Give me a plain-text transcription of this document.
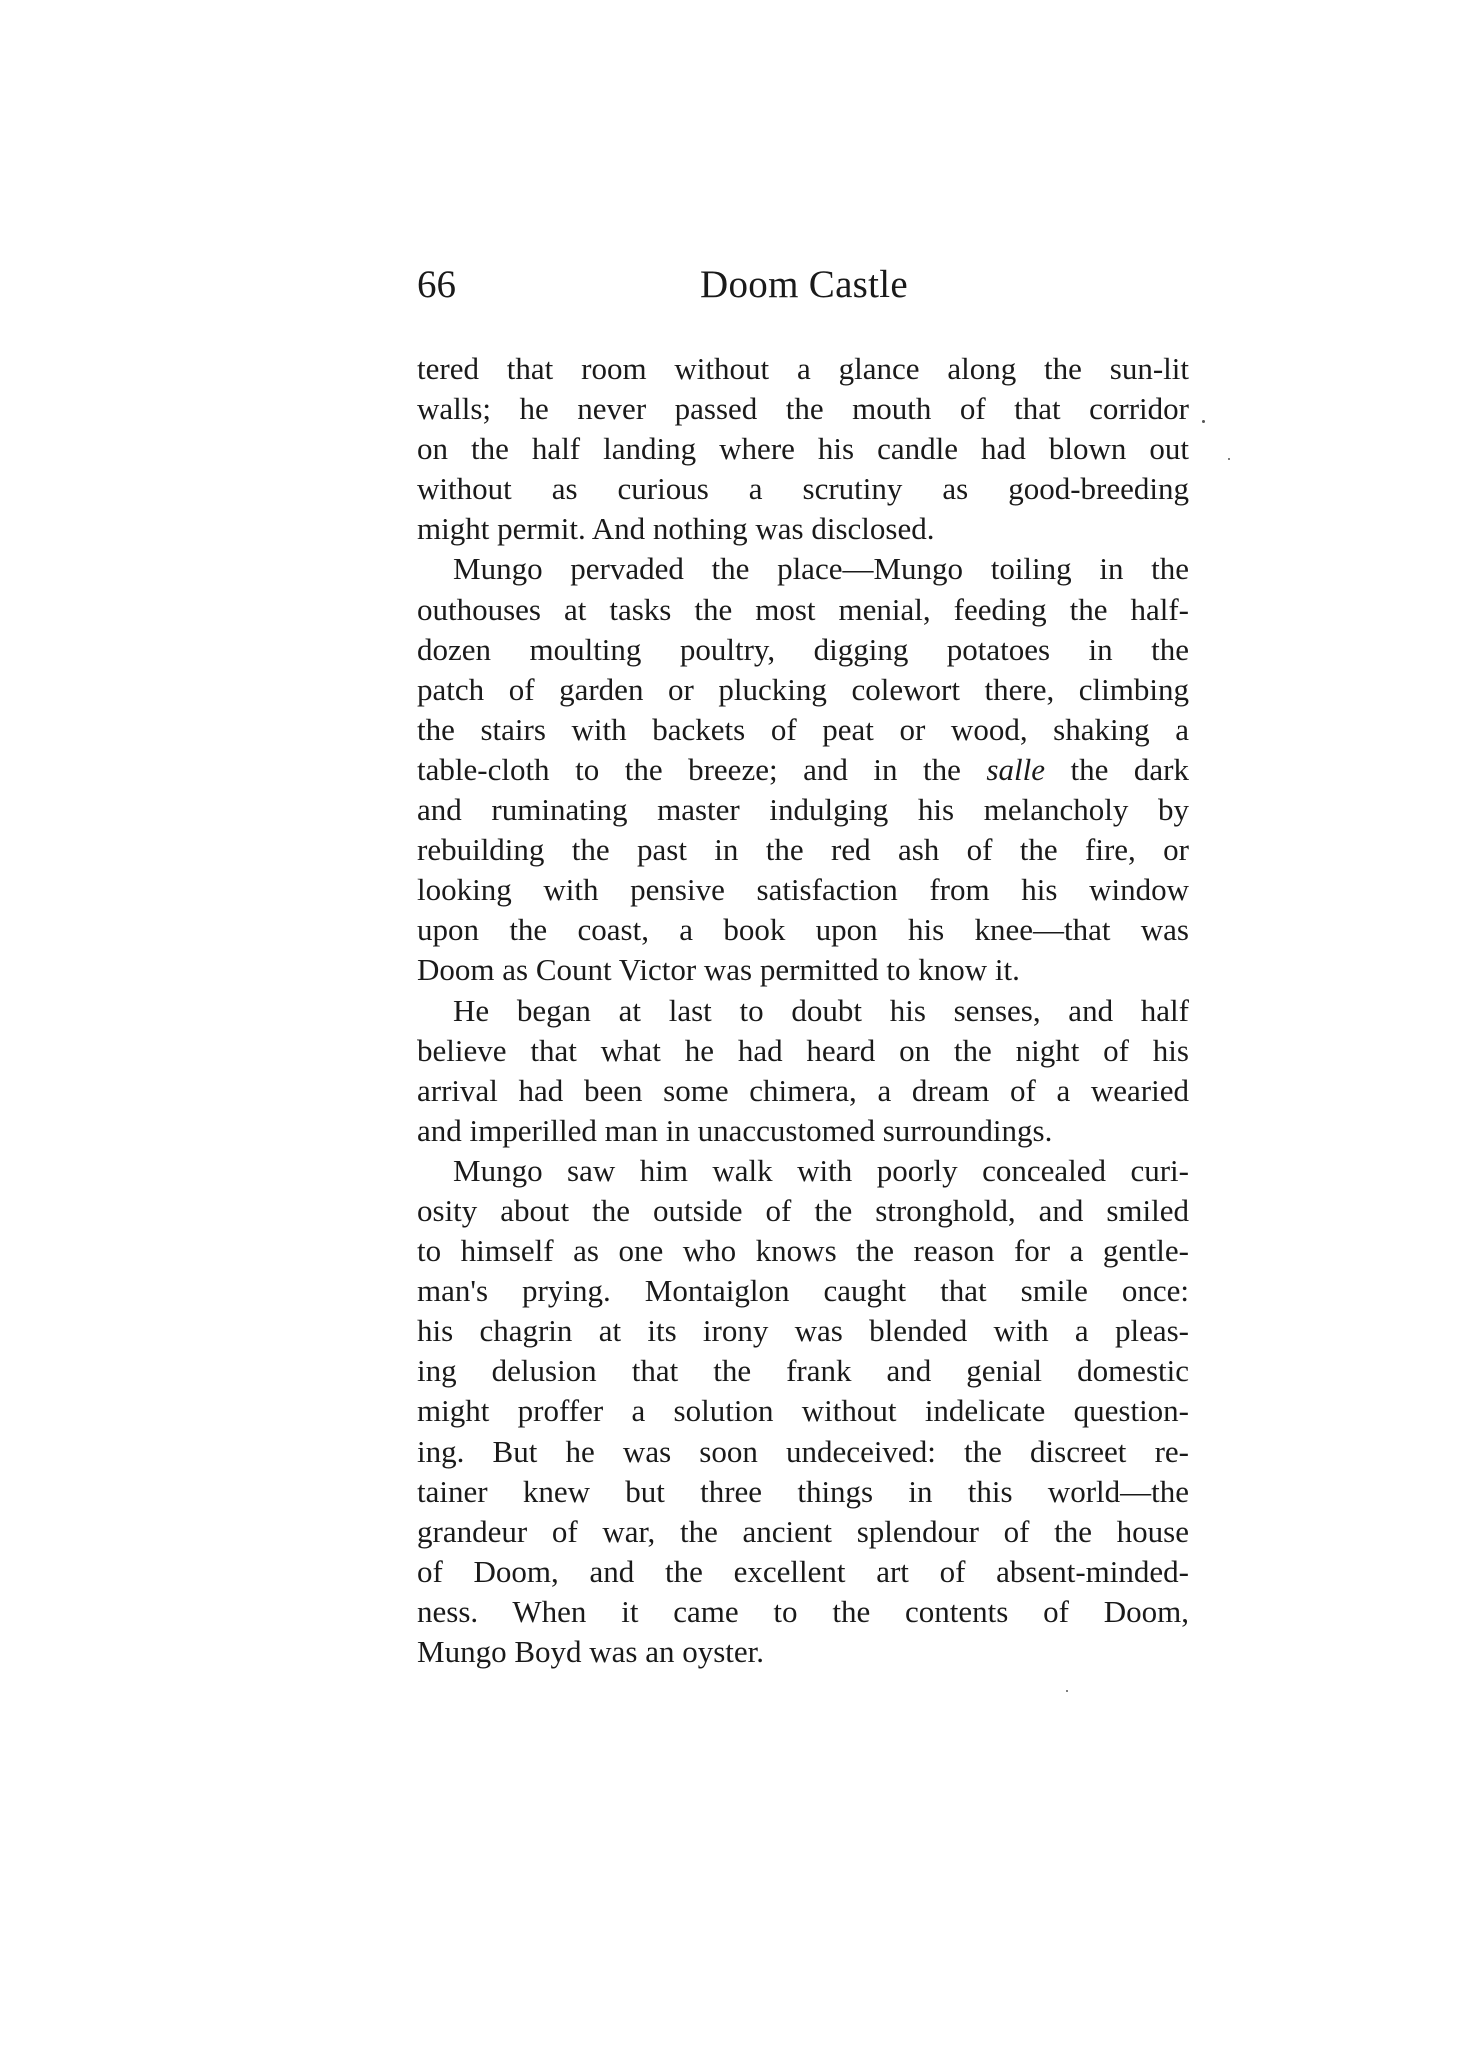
66	Doom Castle
tered that room without a glance along the sun-lit
walls; he never passed the mouth of that corridor
on the half landing where his candle had blown out
without as curious a scrutiny as good-breeding
might permit. And nothing was disclosed.
Mungo pervaded the place—Mungo toiling in the
outhouses at tasks the most menial, feeding the half-
dozen moulting poultry, digging potatoes in the
patch of garden or plucking colewort there, climbing
the stairs with backets of peat or wood, shaking a
table-cloth to the breeze; and in the salle the dark
and ruminating master indulging his melancholy by
rebuilding the past in the red ash of the fire, or
looking with pensive satisfaction from his window
upon the coast, a book upon his knee—that was
Doom as Count Victor was permitted to know it.
He began at last to doubt his senses, and half
believe that what he had heard on the night of his
arrival had been some chimera, a dream of a wearied
and imperilled man in unaccustomed surroundings.
Mungo saw him walk with poorly concealed curi-
osity about the outside of the stronghold, and smiled
to himself as one who knows the reason for a gentle-
man's prying. Montaiglon caught that smile once:
his chagrin at its irony was blended with a pleas-
ing delusion that the frank and genial domestic
might proffer a solution without indelicate question-
ing. But he was soon undeceived: the discreet re-
tainer knew but three things in this world—the
grandeur of war, the ancient splendour of the house
of Doom, and the excellent art of absent-minded-
ness. When it came to the contents of Doom,
Mungo Boyd was an oyster.
